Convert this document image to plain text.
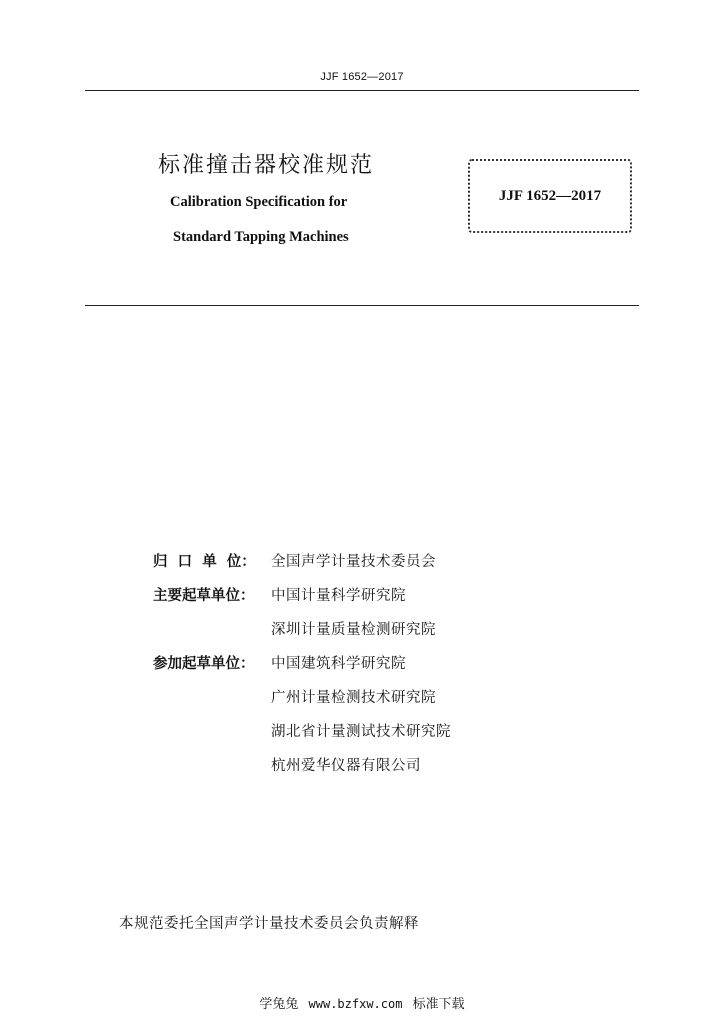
JJF 1652—2017
标准撞击器校准规范
Calibration Specification for
Standard Tapping Machines
JJF 1652—2017
归  口  单  位：	全国声学计量技术委员会
主要起草单位：	中国计量科学研究院
深圳计量质量检测研究院
参加起草单位：	中国建筑科学研究院
广州计量检测技术研究院
湖北省计量测试技术研究院
杭州爱华仪器有限公司
本规范委托全国声学计量技术委员会负责解释
学兔兔 www.bzfxw.com 标准下载
